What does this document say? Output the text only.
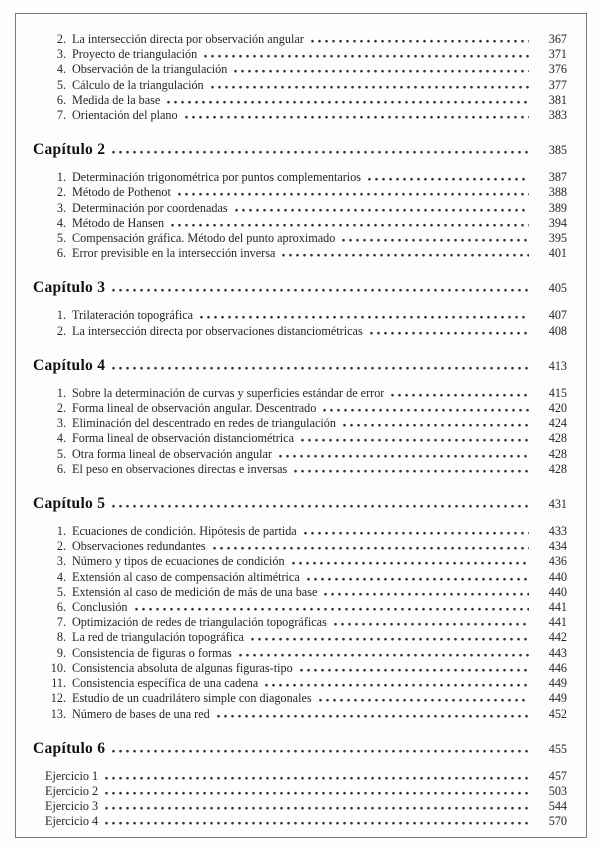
2. La intersección directa por observación angular	367
3. Proyecto de triangulación	371
4. Observación de la triangulación	376
5. Cálculo de la triangulación	377
6. Medida de la base	381
7. Orientación del plano	383
Capítulo 2	385
1. Determinación trigonométrica por puntos complementarios	387
2. Método de Pothenot	388
3. Determinación por coordenadas	389
4. Método de Hansen	394
5. Compensación gráfica. Método del punto aproximado	395
6. Error previsible en la intersección inversa	401
Capítulo 3	405
1. Trilateración topográfica	407
2. La intersección directa por observaciones distanciométricas	408
Capítulo 4	413
1. Sobre la determinación de curvas y superficies estándar de error	415
2. Forma lineal de observación angular. Descentrado	420
3. Eliminación del descentrado en redes de triangulación	424
4. Forma lineal de observación distanciométrica	428
5. Otra forma lineal de observación angular	428
6. El peso en observaciones directas e inversas	428
Capítulo 5	431
1. Ecuaciones de condición. Hipótesis de partida	433
2. Observaciones redundantes	434
3. Número y tipos de ecuaciones de condición	436
4. Extensión al caso de compensación altimétrica	440
5. Extensión al caso de medición de más de una base	440
6. Conclusión	441
7. Optimización de redes de triangulación topográficas	441
8. La red de triangulación topográfica	442
9. Consistencia de figuras o formas	443
10. Consistencia absoluta de algunas figuras-tipo	446
11. Consistencia específica de una cadena	449
12. Estudio de un cuadrilátero simple con diagonales	449
13. Número de bases de una red	452
Capítulo 6	455
Ejercicio 1	457
Ejercicio 2	503
Ejercicio 3	544
Ejercicio 4	570
